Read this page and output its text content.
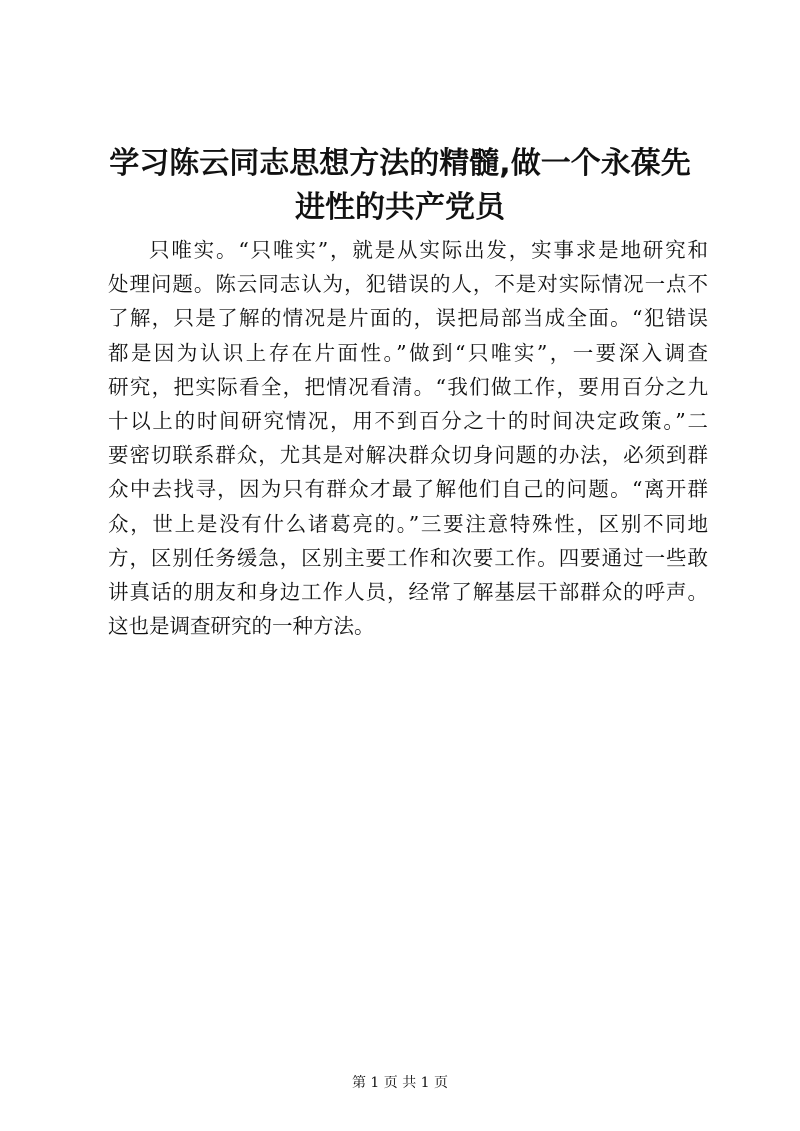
学习陈云同志思想方法的精髓,做一个永葆先
进性的共产党员
只唯实。“只唯实”，就是从实际出发，实事求是地研究和
处理问题。陈云同志认为，犯错误的人，不是对实际情况一点不
了解，只是了解的情况是片面的，误把局部当成全面。“犯错误
都是因为认识上存在片面性。”做到“只唯实”，一要深入调查
研究，把实际看全，把情况看清。“我们做工作，要用百分之九
十以上的时间研究情况，用不到百分之十的时间决定政策。”二
要密切联系群众，尤其是对解决群众切身问题的办法，必须到群
众中去找寻，因为只有群众才最了解他们自己的问题。“离开群
众，世上是没有什么诸葛亮的。”三要注意特殊性，区别不同地
方，区别任务缓急，区别主要工作和次要工作。四要通过一些敢
讲真话的朋友和身边工作人员，经常了解基层干部群众的呼声。
这也是调查研究的一种方法。
第 1 页 共 1 页
